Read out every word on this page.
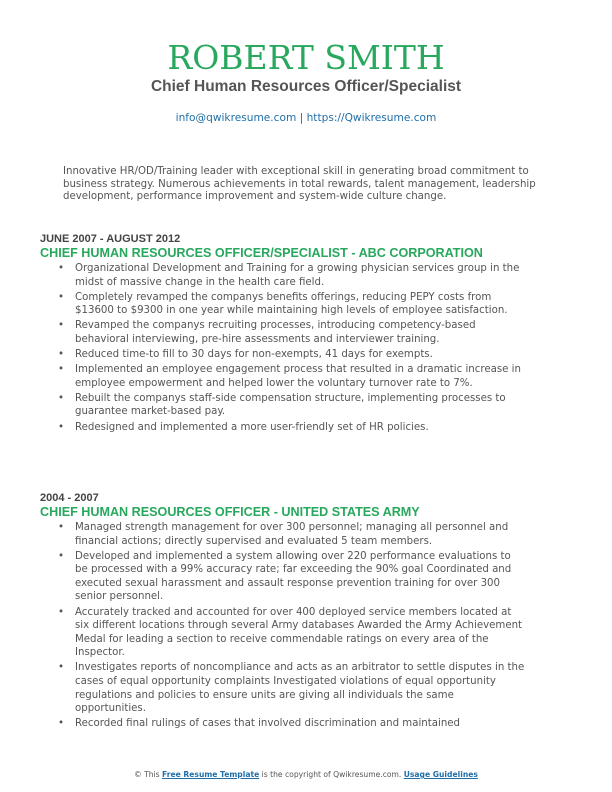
ROBERT SMITH
Chief Human Resources Officer/Specialist
info@qwikresume.com | https://Qwikresume.com

Innovative HR/OD/Training leader with exceptional skill in generating broad commitment to business strategy. Numerous achievements in total rewards, talent management, leadership development, performance improvement and system-wide culture change.

JUNE 2007 - AUGUST 2012

CHIEF HUMAN RESOURCES OFFICER/SPECIALIST - ABC CORPORATION

• Organizational Development and Training for a growing physician services group in the midst of massive change in the health care field.
• Completely revamped the companys benefits offerings, reducing PEPY costs from $13600 to $9300 in one year while maintaining high levels of employee satisfaction.
• Revamped the companys recruiting processes, introducing competency-based behavioral interviewing, pre-hire assessments and interviewer training.
• Reduced time-to fill to 30 days for non-exempts, 41 days for exempts.
• Implemented an employee engagement process that resulted in a dramatic increase in employee empowerment and helped lower the voluntary turnover rate to 7%.
• Rebuilt the companys staff-side compensation structure, implementing processes to guarantee market-based pay.
• Redesigned and implemented a more user-friendly set of HR policies.

2004 - 2007

CHIEF HUMAN RESOURCES OFFICER - UNITED STATES ARMY

• Managed strength management for over 300 personnel; managing all personnel and financial actions; directly supervised and evaluated 5 team members.
• Developed and implemented a system allowing over 220 performance evaluations to be processed with a 99% accuracy rate; far exceeding the 90% goal Coordinated and executed sexual harassment and assault response prevention training for over 300 senior personnel.
• Accurately tracked and accounted for over 400 deployed service members located at six different locations through several Army databases Awarded the Army Achievement Medal for leading a section to receive commendable ratings on every area of the Inspector.
• Investigates reports of noncompliance and acts as an arbitrator to settle disputes in the cases of equal opportunity complaints Investigated violations of equal opportunity regulations and policies to ensure units are giving all individuals the same opportunities.
• Recorded final rulings of cases that involved discrimination and maintained
© This Free Resume Template is the copyright of Qwikresume.com. Usage Guidelines
